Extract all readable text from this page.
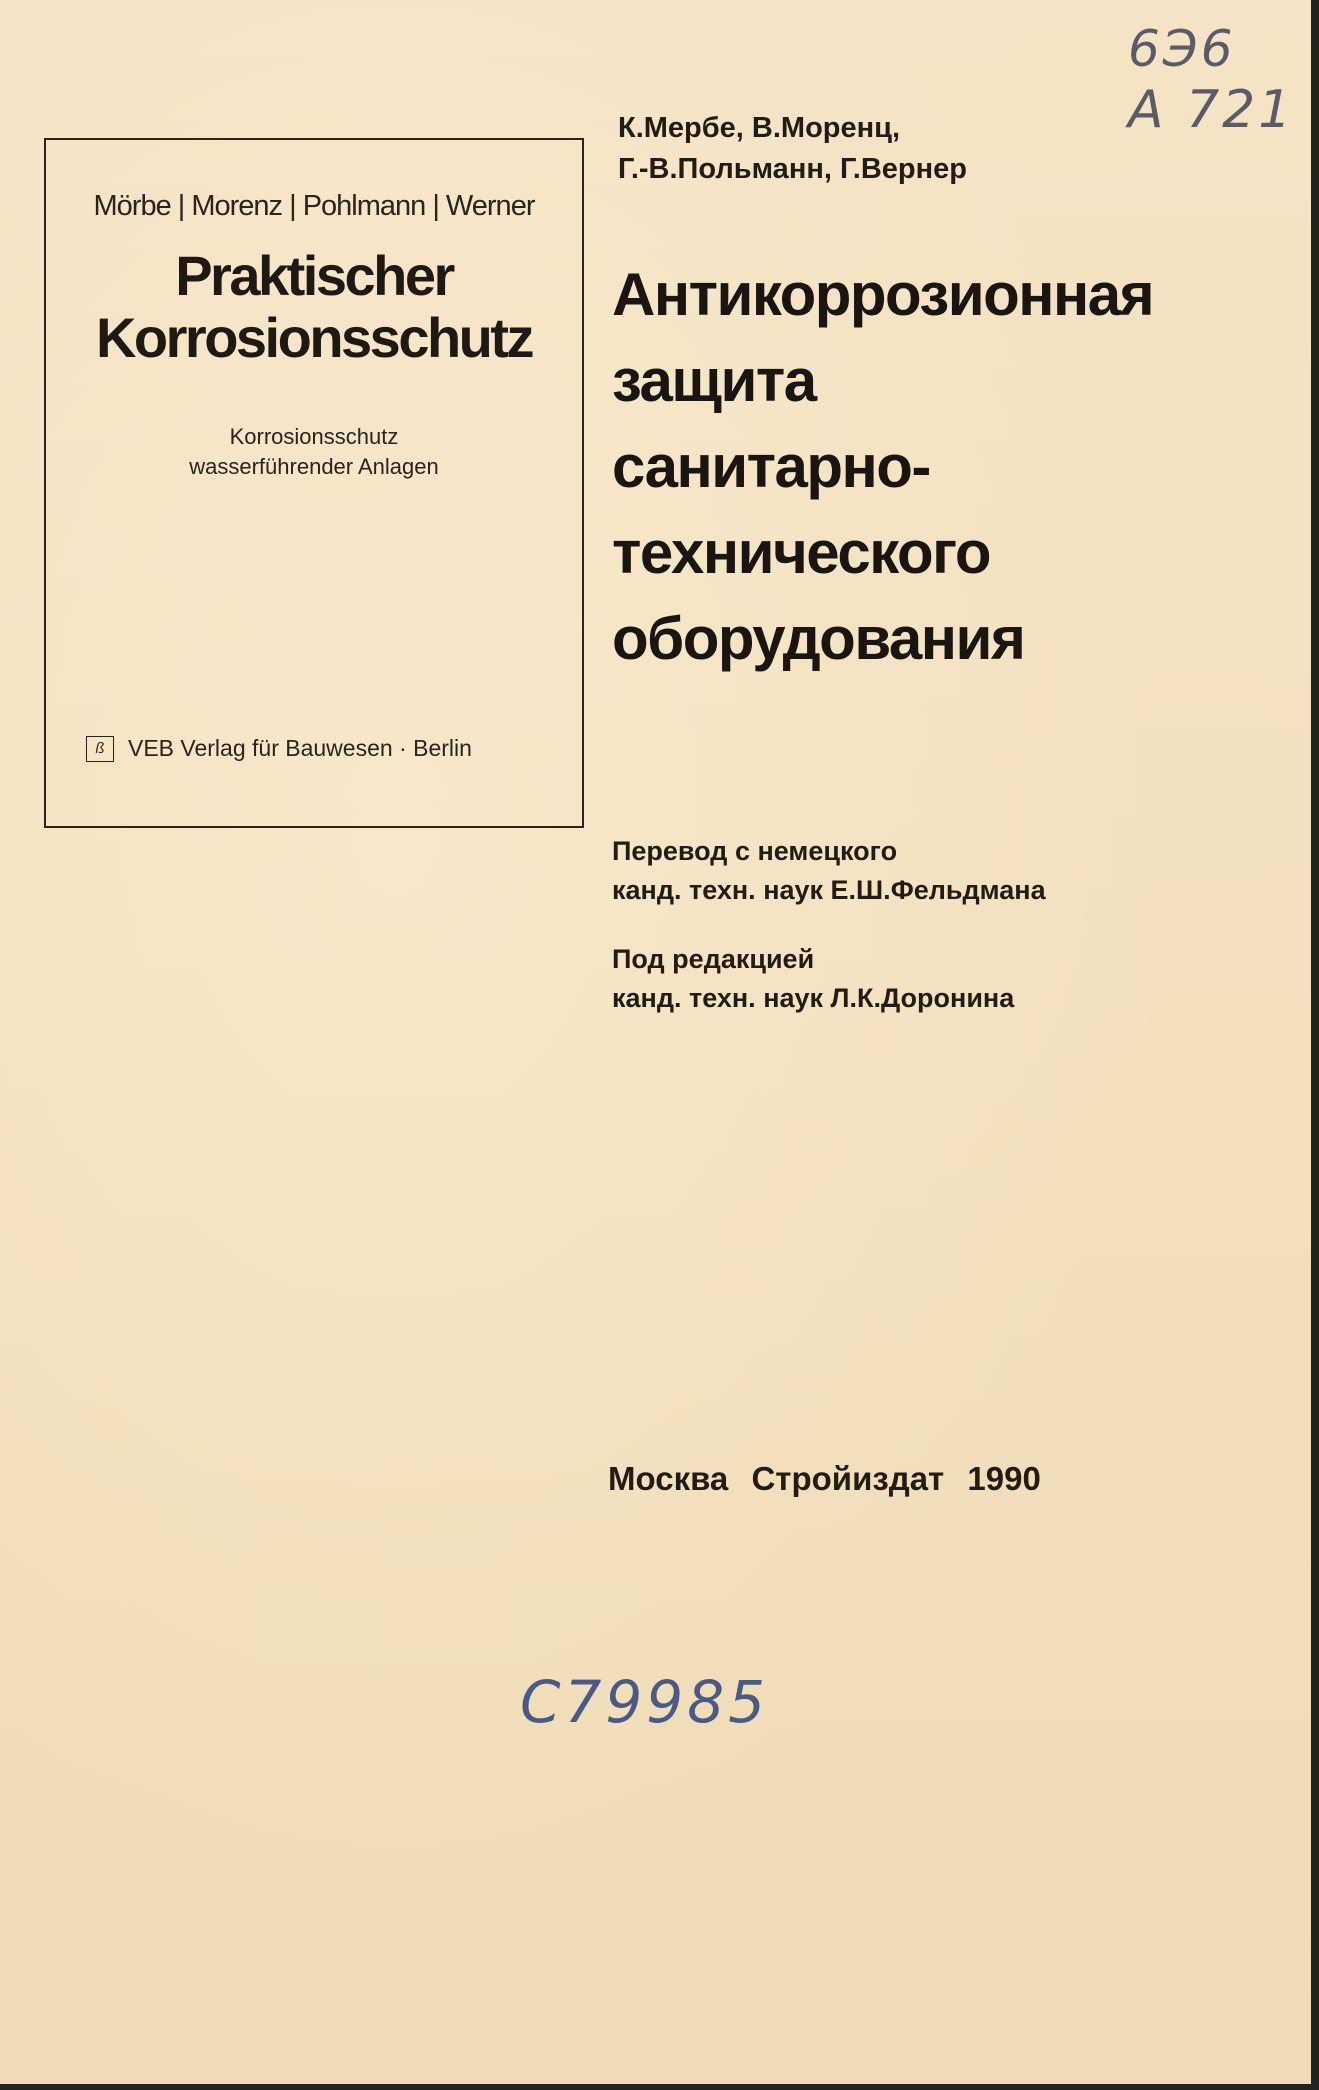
Mörbe | Morenz | Pohlmann | Werner
Praktischer
Korrosionsschutz
Korrosionsschutz
wasserführender Anlagen
ß	VEB Verlag für Bauwesen · Berlin
К.Мербе, В.Моренц,
Г.-В.Польманн, Г.Вернер
Антикоррозионная
защита
санитарно-
технического
оборудования
Перевод с немецкого
канд. техн. наук Е.Ш.Фельдмана
Под редакцией
канд. техн. наук Л.К.Доронина
Москва Стройиздат 1990
6Э6
А 721
С79985
